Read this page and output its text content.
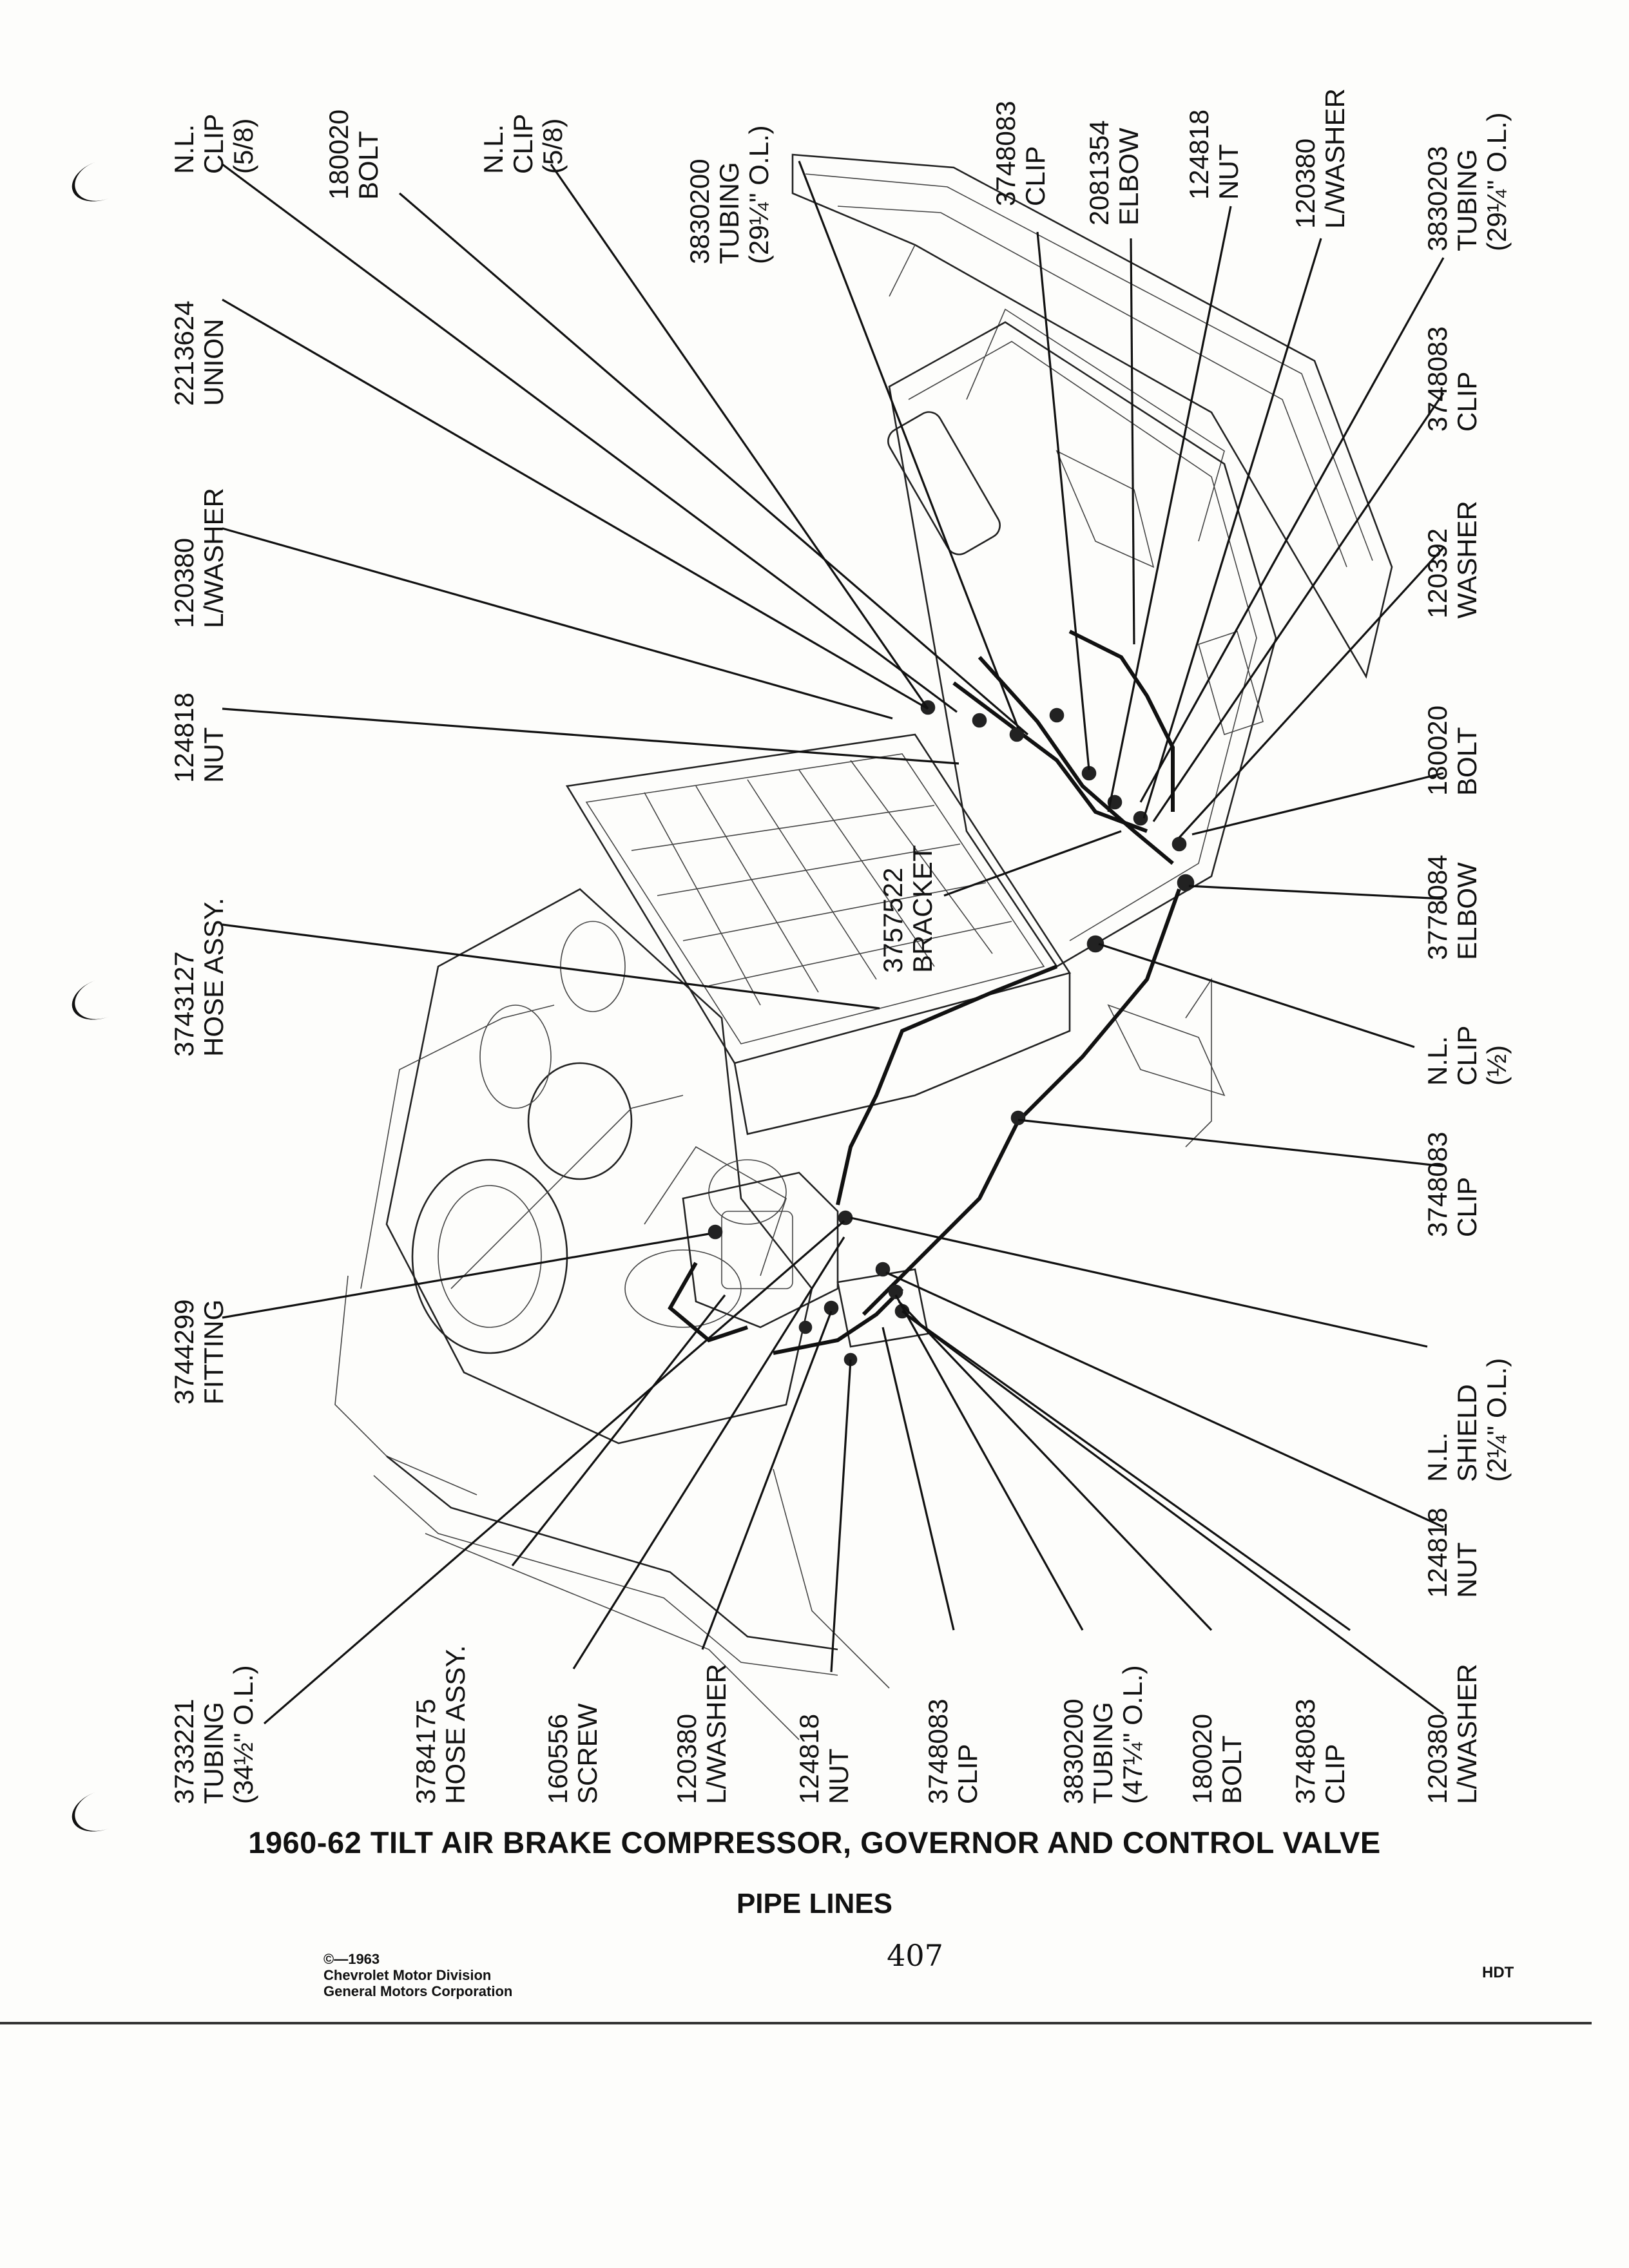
N.L. CLIP (5/8) 180020 BOLT	N.L. CLIP (5/8)
3830200 TUBING (29¼" O.L.)	3748083 CLIP 2081354 ELBOW 124818 NUT 120380 L/WASHER	3830203 TUBING (29¼" O.L.)
2213624 UNION
120380 L/WASHER
124818 NUT
3743127 HOSE ASSY.
3744299 FITTING
3748083 CLIP
120392 WASHER
180020 BOLT
3778084 ELBOW
N.L. CLIP (½)
3748083 CLIP
N.L. SHIELD (2¼" O.L.)
124818 NUT
3733221 TUBING (34½" O.L.)	3784175 HOSE ASSY.	160556 SCREW	120380 L/WASHER 124818 NUT	3748083 CLIP	3830200 TUBING (47¼" O.L.) 180020 BOLT 3748083 CLIP	120380 L/WASHER
3757522 BRACKET
1960-62 TILT AIR BRAKE COMPRESSOR, GOVERNOR AND CONTROL VALVE
PIPE LINES
©—1963
Chevrolet Motor Division
General Motors Corporation
407	HDT
